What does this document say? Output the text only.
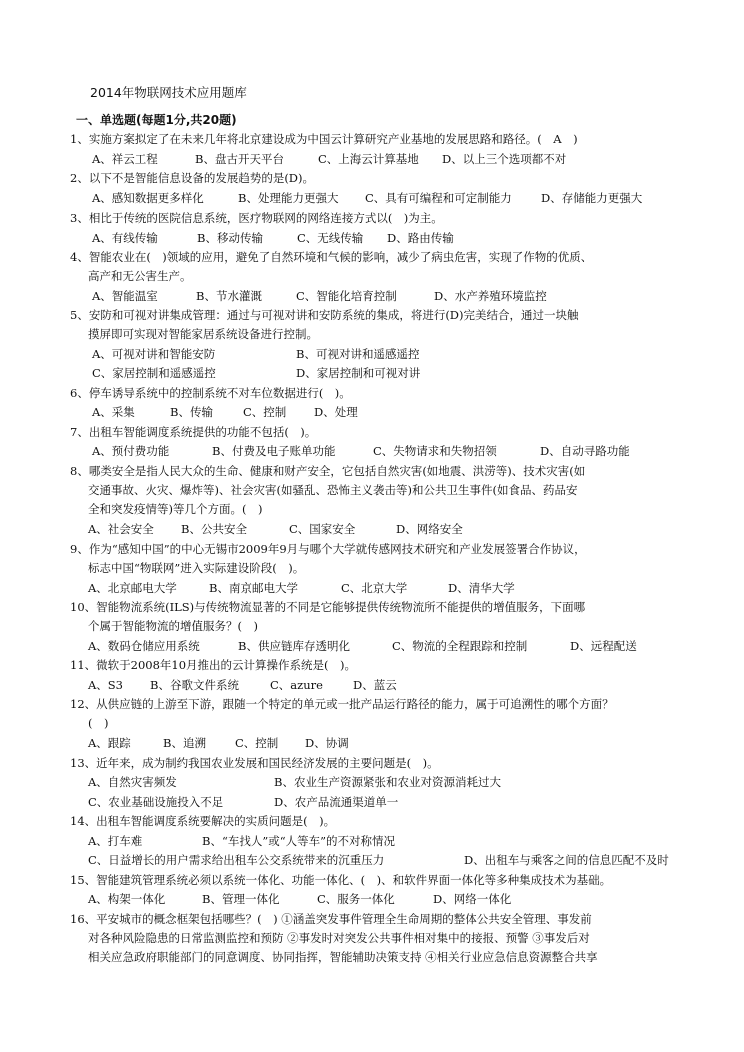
2014年物联网技术应用题库
一、单选题(每题1分,共20题)
1、实施方案拟定了在未来几年将北京建设成为中国云计算研究产业基地的发展思路和路径。(　A　)
A、祥云工程	B、盘古开天平台	C、上海云计算基地 D、以上三个选项都不对
2、以下不是智能信息设备的发展趋势的是(D)。
A、感知数据更多样化	B、处理能力更强大 C、具有可编程和可定制能力	D、存储能力更强大
3、相比于传统的医院信息系统，医疗物联网的网络连接方式以(　)为主。
A、有线传输	B、移动传输	C、无线传输 D、路由传输
4、智能农业在(　)领域的应用，避免了自然环境和气候的影响，减少了病虫危害，实现了作物的优质、
高产和无公害生产。
A、智能温室	B、节水灌溉	C、智能化培育控制	D、水产养殖环境监控
5、安防和可视对讲集成管理：通过与可视对讲和安防系统的集成，将进行(D)完美结合，通过一块触
摸屏即可实现对智能家居系统设备进行控制。
A、可视对讲和智能安防	B、可视对讲和遥感遥控
C、家居控制和遥感遥控	D、家居控制和可视对讲
6、停车诱导系统中的控制系统不对车位数据进行(　)。
A、采集	B、传输	C、控制 D、处理
7、出租车智能调度系统提供的功能不包括(　)。
A、预付费功能	B、付费及电子账单功能	C、失物请求和失物招领	D、自动寻路功能
8、哪类安全是指人民大众的生命、健康和财产安全，它包括自然灾害(如地震、洪涝等)、技术灾害(如
交通事故、火灾、爆炸等)、社会灾害(如骚乱、恐怖主义袭击等)和公共卫生事件(如食品、药品安
全和突发疫情等)等几个方面。(　)
A、社会安全 B、公共安全	C、国家安全	D、网络安全
9、作为“感知中国”的中心无锡市2009年9月与哪个大学就传感网技术研究和产业发展签署合作协议，
标志中国“物联网”进入实际建设阶段(　)。
A、北京邮电大学	B、南京邮电大学	C、北京大学	D、清华大学
10、智能物流系统(ILS)与传统物流显著的不同是它能够提供传统物流所不能提供的增值服务，下面哪
个属于智能物流的增值服务？(　)
A、数码仓储应用系统	B、供应链库存透明化	C、物流的全程跟踪和控制	D、远程配送
11、微软于2008年10月推出的云计算操作系统是(　)。
A、S3 B、谷歌文件系统	C、azure	D、蓝云
12、从供应链的上游至下游，跟随一个特定的单元或一批产品运行路径的能力，属于可追溯性的哪个方面？
(　)
A、跟踪	B、追溯	C、控制 D、协调
13、近年来，成为制约我国农业发展和国民经济发展的主要问题是(　)。
A、自然灾害频发	B、农业生产资源紧张和农业对资源消耗过大
C、农业基础设施投入不足	D、农产品流通渠道单一
14、出租车智能调度系统要解决的实质问题是(　)。
A、打车难	B、“车找人”或“人等车”的不对称情况
C、日益增长的用户需求给出租车公交系统带来的沉重压力	D、出租车与乘客之间的信息匹配不及时
15、智能建筑管理系统必须以系统一体化、功能一体化、(　)、和软件界面一体化等多种集成技术为基础。
A、构架一体化	B、管理一体化	C、服务一体化	D、网络一体化
16、平安城市的概念框架包括哪些？(　) ①涵盖突发事件管理全生命周期的整体公共安全管理、事发前
对各种风险隐患的日常监测监控和预防 ②事发时对突发公共事件相对集中的接报、预警 ③事发后对
相关应急政府职能部门的同意调度、协同指挥，智能辅助决策支持 ④相关行业应急信息资源整合共享
